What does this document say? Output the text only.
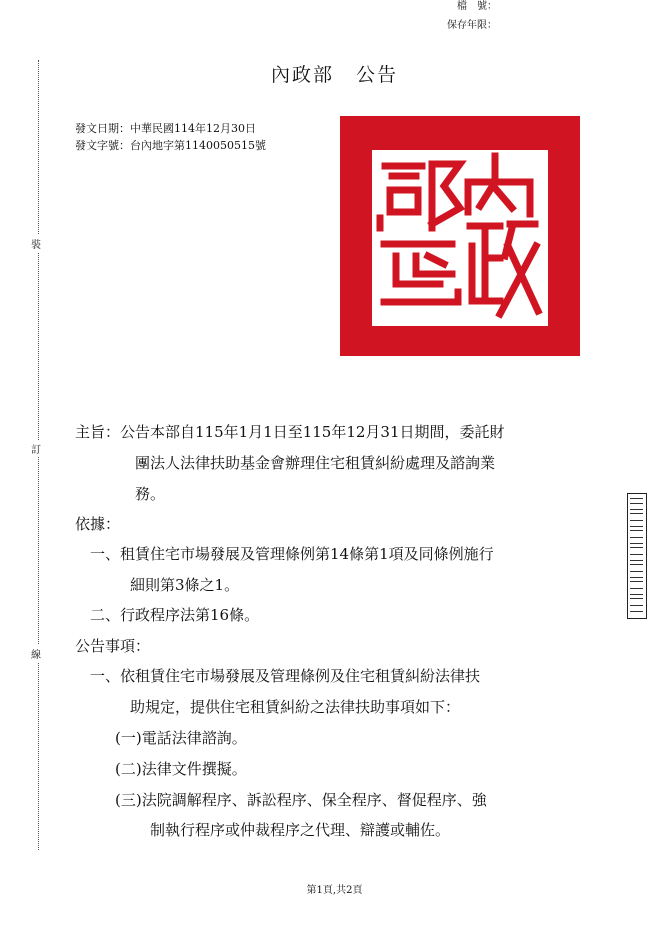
檔　號：
保存年限：
裝
訂
線
內政部 公告
發文日期：中華民國114年12月30日
發文字號：台內地字第1140050515號
主旨：公告本部自115年1月1日至115年12月31日期間，委託財
團法人法律扶助基金會辦理住宅租賃糾紛處理及諮詢業
務。
依據：
一、租賃住宅市場發展及管理條例第14條第1項及同條例施行
細則第3條之1。
二、行政程序法第16條。
公告事項：
一、依租賃住宅市場發展及管理條例及住宅租賃糾紛法律扶
助規定，提供住宅租賃糾紛之法律扶助事項如下：
(一)電話法律諮詢。
(二)法律文件撰擬。
(三)法院調解程序、訴訟程序、保全程序、督促程序、強
制執行程序或仲裁程序之代理、辯護或輔佐。
第1頁,共2頁
